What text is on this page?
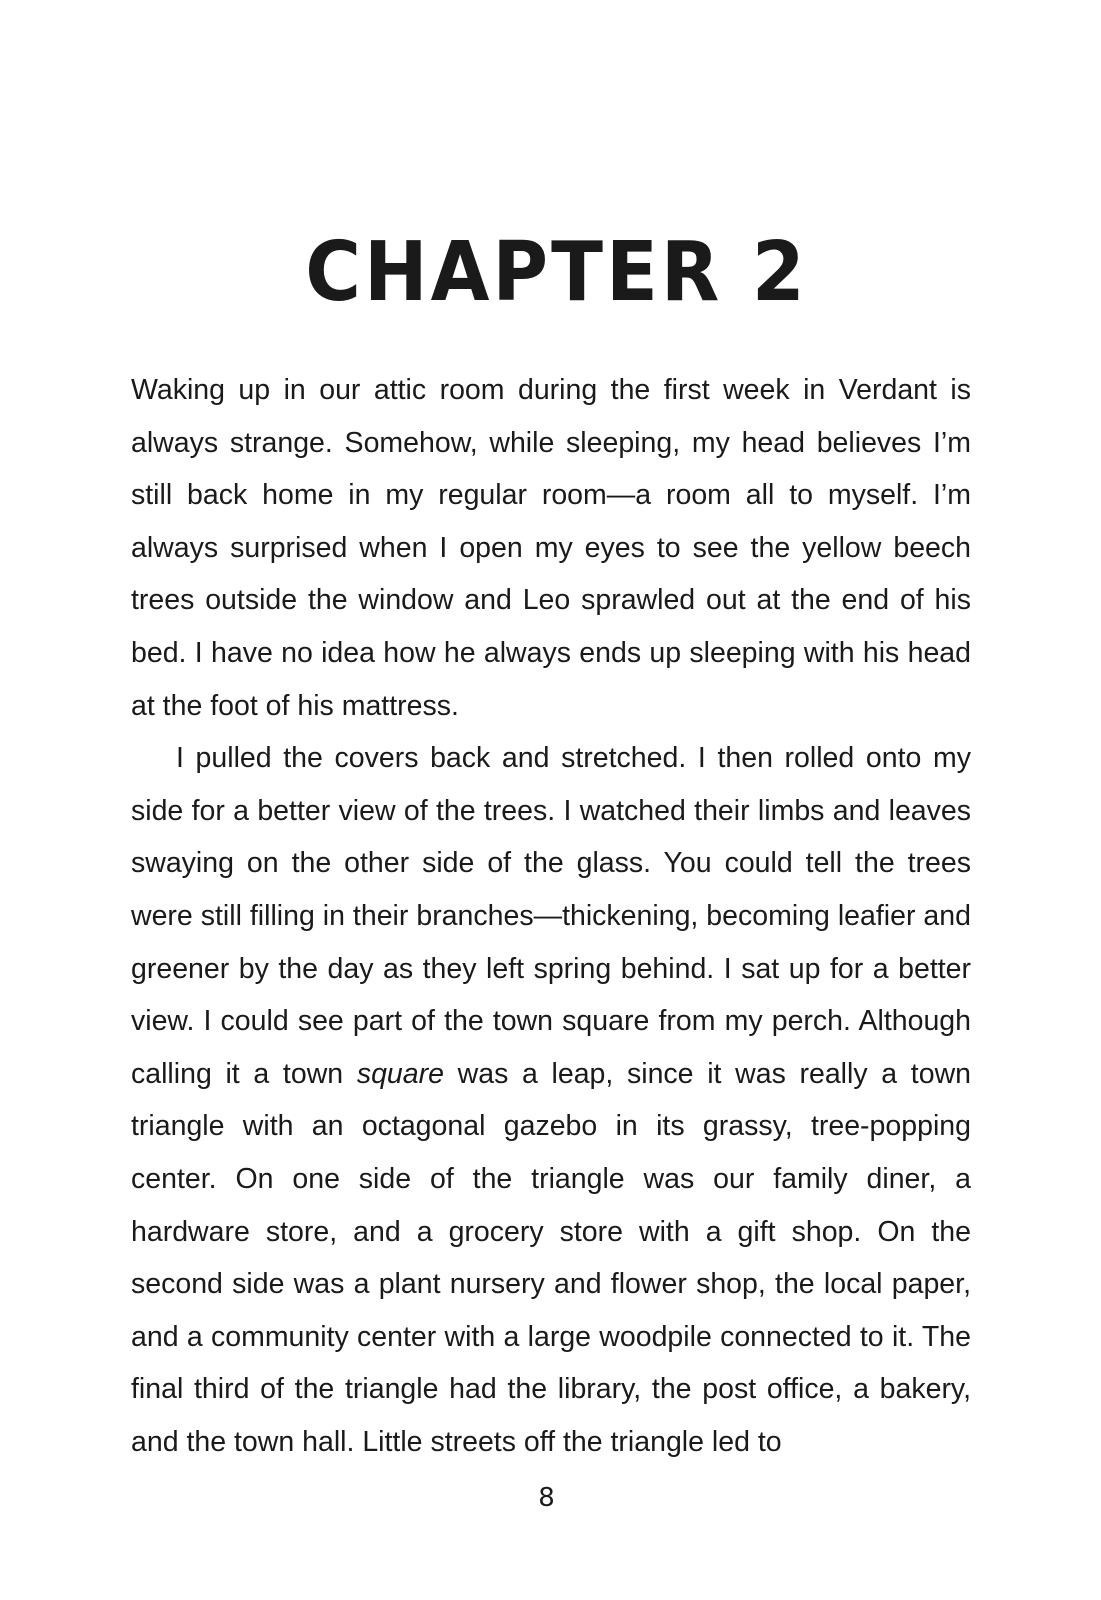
CHAPTER 2

Waking up in our attic room during the first week in Verdant is always strange. Somehow, while sleeping, my head believes I’m still back home in my regular room—a room all to myself. I’m always surprised when I open my eyes to see the yellow beech trees outside the window and Leo sprawled out at the end of his bed. I have no idea how he always ends up sleeping with his head at the foot of his mattress.

I pulled the covers back and stretched. I then rolled onto my side for a better view of the trees. I watched their limbs and leaves swaying on the other side of the glass. You could tell the trees were still filling in their branches—thickening, becoming leafier and greener by the day as they left spring behind. I sat up for a better view. I could see part of the town square from my perch. Although calling it a town square was a leap, since it was really a town triangle with an octagonal gazebo in its grassy, tree-popping center. On one side of the triangle was our family diner, a hardware store, and a grocery store with a gift shop. On the second side was a plant nursery and flower shop, the local paper, and a community center with a large woodpile connected to it. The final third of the triangle had the library, the post office, a bakery, and the town hall. Little streets off the triangle led to

8
